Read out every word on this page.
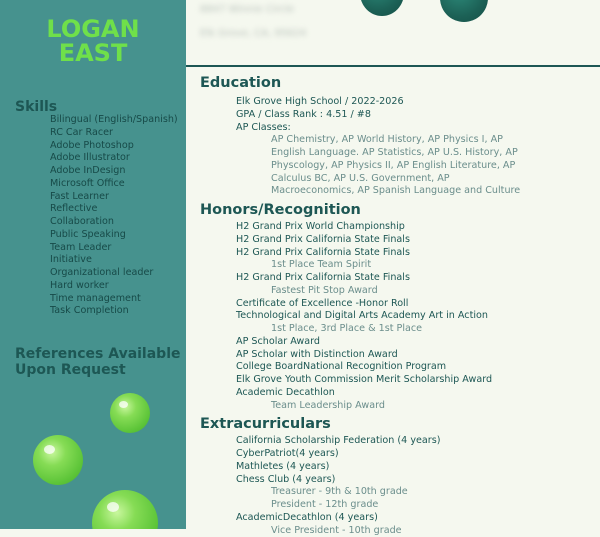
LOGAN
EAST
Skills
Bilingual (English/Spanish)
RC Car Racer
Adobe Photoshop
Adobe Illustrator
Adobe InDesign
Microsoft Office
Fast Learner
Reflective
Collaboration
Public Speaking
Team Leader
Initiative
Organizational leader
Hard worker
Time management
Task Completion
References Available
Upon Request
8847 Winnie Circle
Elk Grove, CA, 95624
Education
Elk Grove High School / 2022-2026
GPA / Class Rank : 4.51 / #8
AP Classes:
AP Chemistry, AP World History, AP Physics I, AP English Language. AP Statistics, AP U.S. History, AP Physcology, AP Physics II, AP English Literature, AP Calculus BC, AP U.S. Government, AP Macroeconomics, AP Spanish Language and Culture
Honors/Recognition
H2 Grand Prix World Championship
H2 Grand Prix California State Finals
H2 Grand Prix California State Finals
1st Place Team Spirit
H2 Grand Prix California State Finals
Fastest Pit Stop Award
Certificate of Excellence -Honor Roll
Technological and Digital Arts Academy Art in Action
1st Place, 3rd Place & 1st Place
AP Scholar Award
AP Scholar with Distinction Award
College BoardNational Recognition Program
Elk Grove Youth Commission Merit Scholarship Award
Academic Decathlon
Team Leadership Award
Extracurriculars
California Scholarship Federation (4 years)
CyberPatriot(4 years)
Mathletes (4 years)
Chess Club (4 years)
Treasurer - 9th & 10th grade
President - 12th grade
AcademicDecathlon (4 years)
Vice President - 10th grade
